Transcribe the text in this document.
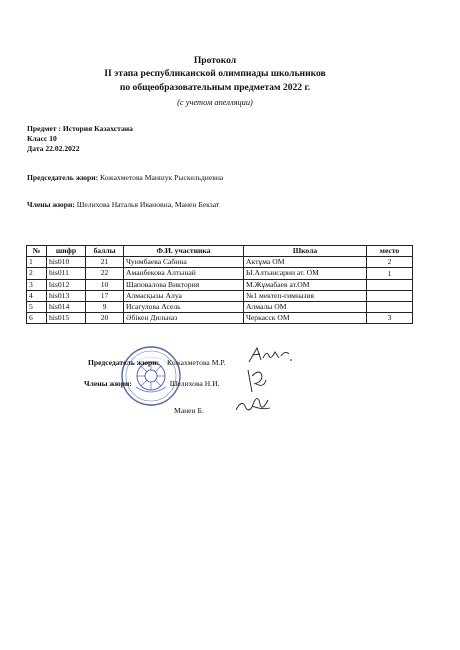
Протокол
II этапа республиканской олимпиады школьников
по общеобразовательным предметам 2022 г.
(с учетом апелляции)
Предмет : История Казахстана
Класс 10
Дата 22.02.2022
Председатель жюри: Кожахметова Маншук Рыскельдиевна
Члены жюри: Шелихова Наталья Ивановна, Манен Бекзат
№	шифр	баллы	Ф.И. участника	Школа	место
1	his010	21	Чунмбаева Сабина	Актұма ОМ	2
2	his011	22	Аманбекова Алтынай	Ы.Алтынсарин ат. ОМ	1
3	his012	10	Шаповалова Виктория	М.Жұмабаев ат.ОМ	
4	his013	17	Алмасқызы Алуа	№1 мектеп-гимназия	
5	his014	9	Исагулова Асель	Алмалы ОМ	
6	his015	20	Әбікен Дильназ	Черкасск ОМ	3
Председатель жюри: Кожахметова М.Р.
Члены жюри:	Шелихова Н.И.
Манен Б.
